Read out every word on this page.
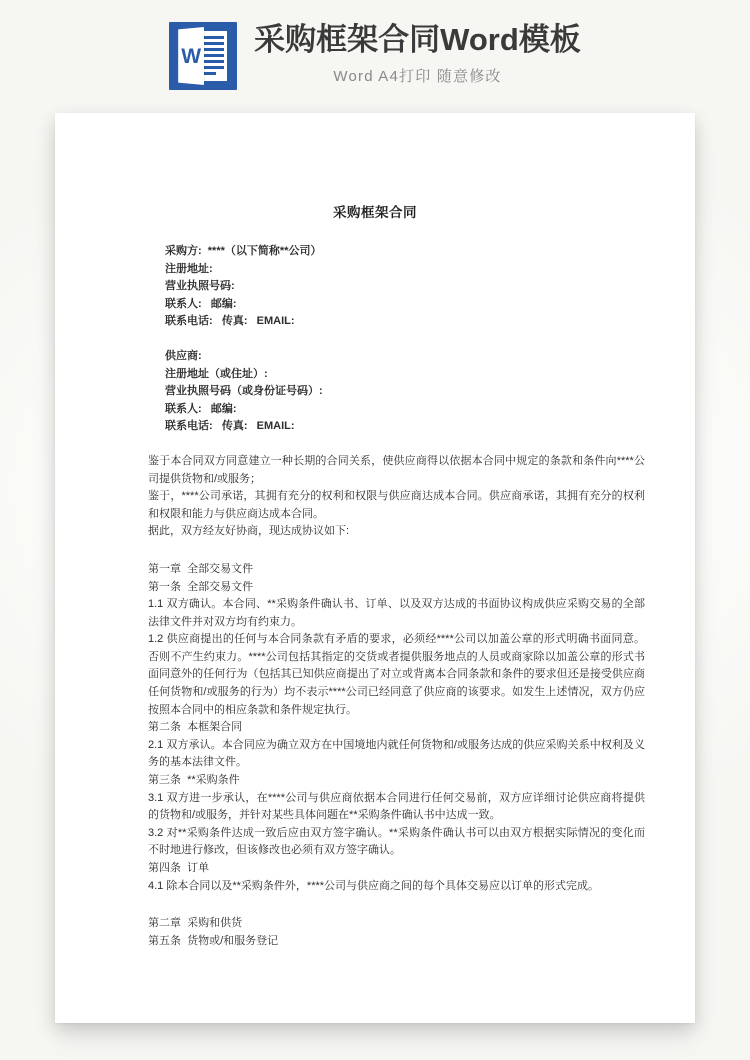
W 采购框架合同Word模板
Word A4打印 随意修改
采购框架合同
采购方:  ****（以下简称**公司）
注册地址:
营业执照号码:
联系人:   邮编:
联系电话:   传真:   EMAIL:
供应商:
注册地址（或住址）:
营业执照号码（或身份证号码）:
联系人:   邮编:
联系电话:   传真:   EMAIL:

鉴于本合同双方同意建立一种长期的合同关系，使供应商得以依据本合同中规定的条款和条件向****公司提供货物和/或服务；

鉴于，****公司承诺，其拥有充分的权利和权限与供应商达成本合同。供应商承诺，其拥有充分的权利和权限和能力与供应商达成本合同。

据此，双方经友好协商，现达成协议如下:

第一章  全部交易文件
第一条  全部交易文件

1.1 双方确认。本合同、**采购条件确认书、订单、以及双方达成的书面协议构成供应采购交易的全部法律文件并对双方均有约束力。

1.2 供应商提出的任何与本合同条款有矛盾的要求，必须经****公司以加盖公章的形式明确书面同意。否则不产生约束力。****公司包括其指定的交货或者提供服务地点的人员或商家除以加盖公章的形式书面同意外的任何行为（包括其已知供应商提出了对立或背离本合同条款和条件的要求但还是接受供应商任何货物和/或服务的行为）均不表示****公司已经同意了供应商的该要求。如发生上述情况，双方仍应按照本合同中的相应条款和条件规定执行。

第二条  本框架合同

2.1 双方承认。本合同应为确立双方在中国境地内就任何货物和/或服务达成的供应采购关系中权利及义务的基本法律文件。

第三条  **采购条件

3.1 双方进一步承认，在****公司与供应商依据本合同进行任何交易前，双方应详细讨论供应商将提供的货物和/或服务，并针对某些具体问题在**采购条件确认书中达成一致。

3.2 对**采购条件达成一致后应由双方签字确认。**采购条件确认书可以由双方根据实际情况的变化而不时地进行修改，但该修改也必须有双方签字确认。

第四条  订单

4.1 除本合同以及**采购条件外，****公司与供应商之间的每个具体交易应以订单的形式完成。

第二章  采购和供货
第五条  货物或/和服务登记
